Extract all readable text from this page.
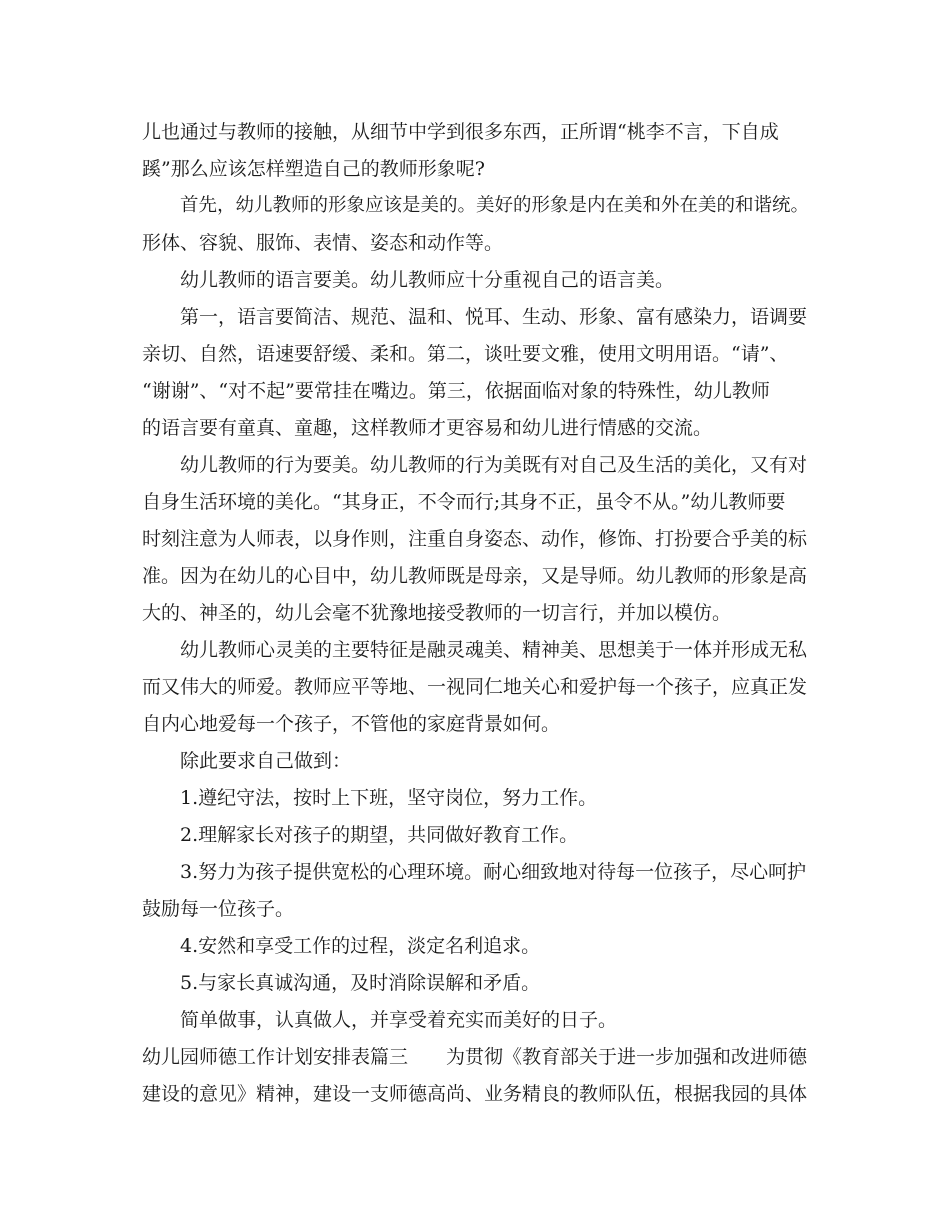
儿也通过与教师的接触，从细节中学到很多东西，正所谓“桃李不言，下自成
蹊”那么应该怎样塑造自己的教师形象呢?
首先，幼儿教师的形象应该是美的。美好的形象是内在美和外在美的和谐统。
形体、容貌、服饰、表情、姿态和动作等。
幼儿教师的语言要美。幼儿教师应十分重视自己的语言美。
第一，语言要简洁、规范、温和、悦耳、生动、形象、富有感染力，语调要
亲切、自然，语速要舒缓、柔和。第二，谈吐要文雅，使用文明用语。“请”、
“谢谢”、“对不起”要常挂在嘴边。第三，依据面临对象的特殊性，幼儿教师
的语言要有童真、童趣，这样教师才更容易和幼儿进行情感的交流。
幼儿教师的行为要美。幼儿教师的行为美既有对自己及生活的美化，又有对
自身生活环境的美化。“其身正，不令而行;其身不正，虽令不从。”幼儿教师要
时刻注意为人师表，以身作则，注重自身姿态、动作，修饰、打扮要合乎美的标
准。因为在幼儿的心目中，幼儿教师既是母亲，又是导师。幼儿教师的形象是高
大的、神圣的，幼儿会毫不犹豫地接受教师的一切言行，并加以模仿。
幼儿教师心灵美的主要特征是融灵魂美、精神美、思想美于一体并形成无私
而又伟大的师爱。教师应平等地、一视同仁地关心和爱护每一个孩子，应真正发
自内心地爱每一个孩子，不管他的家庭背景如何。
除此要求自己做到：
1.遵纪守法，按时上下班，坚守岗位，努力工作。
2.理解家长对孩子的期望，共同做好教育工作。
3.努力为孩子提供宽松的心理环境。耐心细致地对待每一位孩子，尽心呵护
鼓励每一位孩子。
4.安然和享受工作的过程，淡定名利追求。
5.与家长真诚沟通，及时消除误解和矛盾。
简单做事，认真做人，并享受着充实而美好的日子。
幼儿园师德工作计划安排表篇三　　为贯彻《教育部关于进一步加强和改进师德
建设的意见》精神，建设一支师德高尚、业务精良的教师队伍，根据我园的具体
